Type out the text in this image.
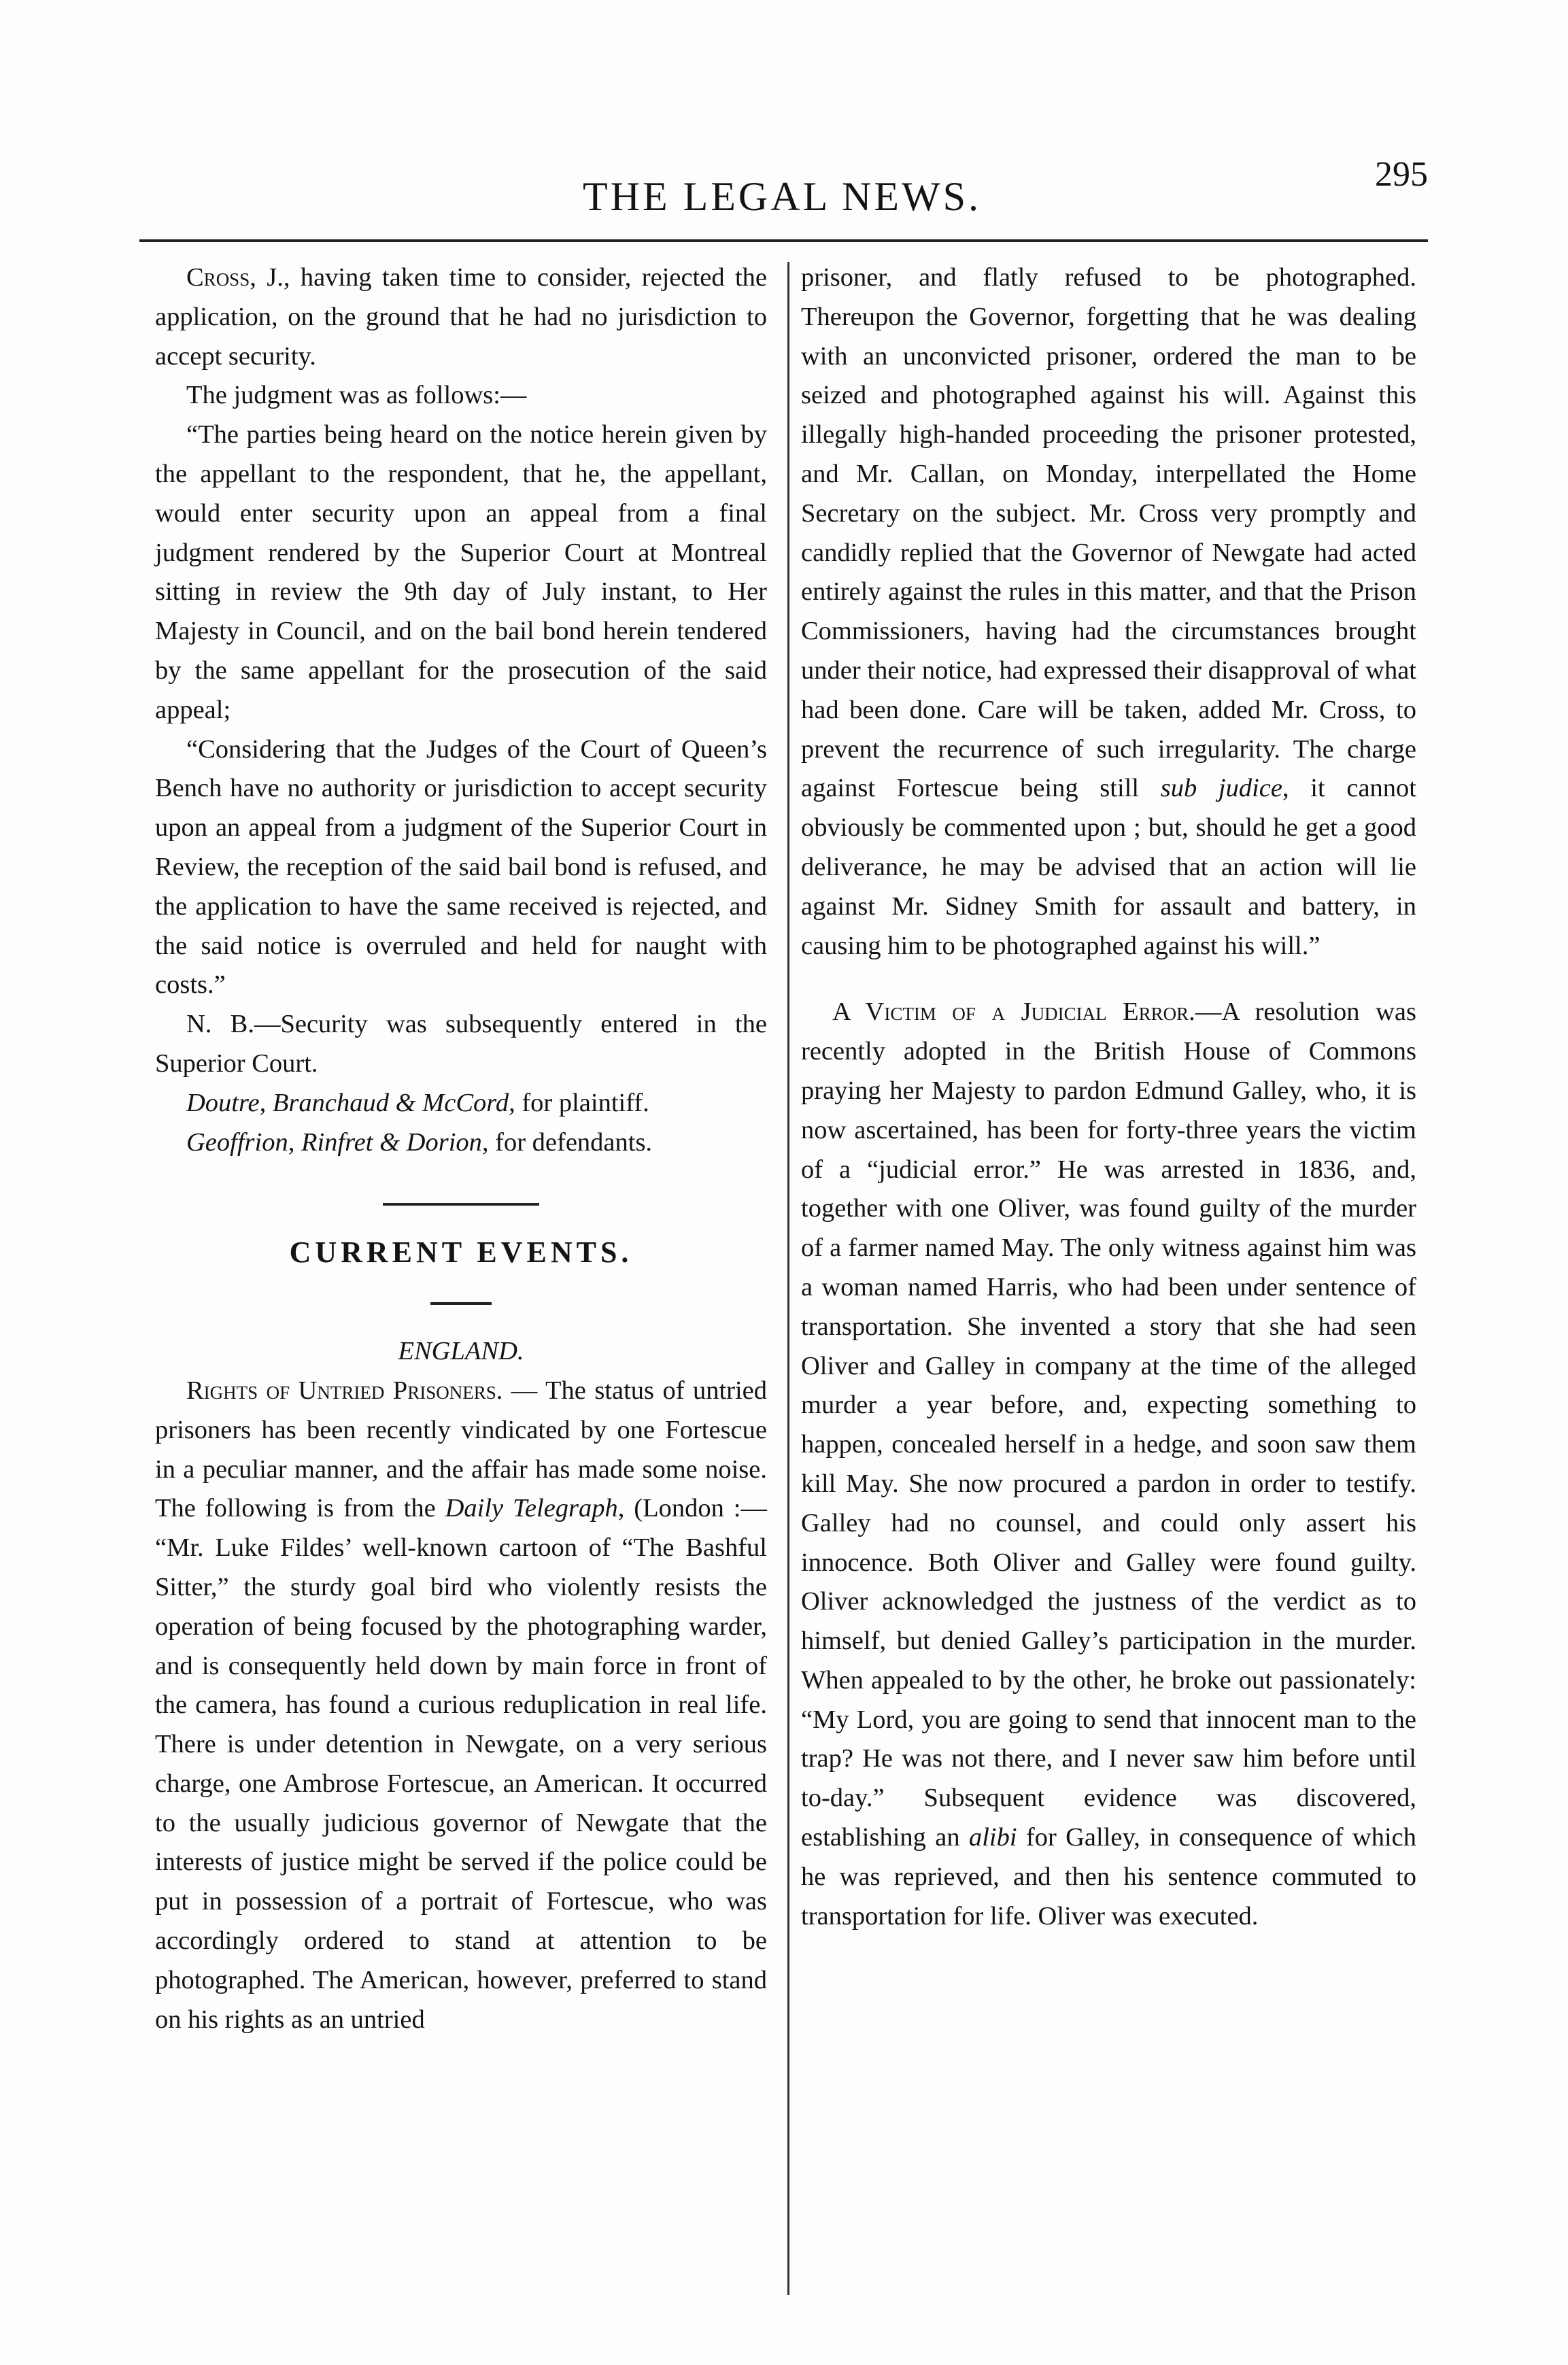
THE LEGAL NEWS.	295

Cross, J., having taken time to consider, rejected the application, on the ground that he had no jurisdiction to accept security.

The judgment was as follows:—

“The parties being heard on the notice herein given by the appellant to the respondent, that he, the appellant, would enter security upon an appeal from a final judgment rendered by the Superior Court at Montreal sitting in review the 9th day of July instant, to Her Majesty in Council, and on the bail bond herein tendered by the same appellant for the prosecution of the said appeal;

“Considering that the Judges of the Court of Queen’s Bench have no authority or jurisdiction to accept security upon an appeal from a judgment of the Superior Court in Review, the reception of the said bail bond is refused, and the application to have the same received is rejected, and the said notice is overruled and held for naught with costs.”

N. B.—Security was subsequently entered in the Superior Court.

Doutre, Branchaud & McCord, for plaintiff.

Geoffrion, Rinfret & Dorion, for defendants.

CURRENT EVENTS.

ENGLAND.

Rights of Untried Prisoners. — The status of untried prisoners has been recently vindicated by one Fortescue in a peculiar manner, and the affair has made some noise. The following is from the Daily Telegraph, (London :— “Mr. Luke Fildes’ well-known cartoon of “The Bashful Sitter,” the sturdy goal bird who violently resists the operation of being focused by the photographing warder, and is consequently held down by main force in front of the camera, has found a curious reduplication in real life. There is under detention in Newgate, on a very serious charge, one Ambrose Fortescue, an American. It occurred to the usually judicious governor of Newgate that the interests of justice might be served if the police could be put in possession of a portrait of Fortescue, who was accordingly ordered to stand at attention to be photographed. The American, however, preferred to stand on his rights as an untried

prisoner, and flatly refused to be photographed. Thereupon the Governor, forgetting that he was dealing with an unconvicted prisoner, ordered the man to be seized and photographed against his will. Against this illegally high-handed proceeding the prisoner protested, and Mr. Callan, on Monday, interpellated the Home Secretary on the subject. Mr. Cross very promptly and candidly replied that the Governor of Newgate had acted entirely against the rules in this matter, and that the Prison Commissioners, having had the circumstances brought under their notice, had expressed their disapproval of what had been done. Care will be taken, added Mr. Cross, to prevent the recurrence of such irregularity. The charge against Fortescue being still sub judice, it cannot obviously be commented upon ; but, should he get a good deliverance, he may be advised that an action will lie against Mr. Sidney Smith for assault and battery, in causing him to be photographed against his will.”

A Victim of a Judicial Error.—A resolution was recently adopted in the British House of Commons praying her Majesty to pardon Edmund Galley, who, it is now ascertained, has been for forty-three years the victim of a “judicial error.” He was arrested in 1836, and, together with one Oliver, was found guilty of the murder of a farmer named May. The only witness against him was a woman named Harris, who had been under sentence of transportation. She invented a story that she had seen Oliver and Galley in company at the time of the alleged murder a year before, and, expecting something to happen, concealed herself in a hedge, and soon saw them kill May. She now procured a pardon in order to testify. Galley had no counsel, and could only assert his innocence. Both Oliver and Galley were found guilty. Oliver acknowledged the justness of the verdict as to himself, but denied Galley’s participation in the murder. When appealed to by the other, he broke out passionately: “My Lord, you are going to send that innocent man to the trap? He was not there, and I never saw him before until to-day.” Subsequent evidence was discovered, establishing an alibi for Galley, in consequence of which he was reprieved, and then his sentence commuted to transportation for life. Oliver was executed.
